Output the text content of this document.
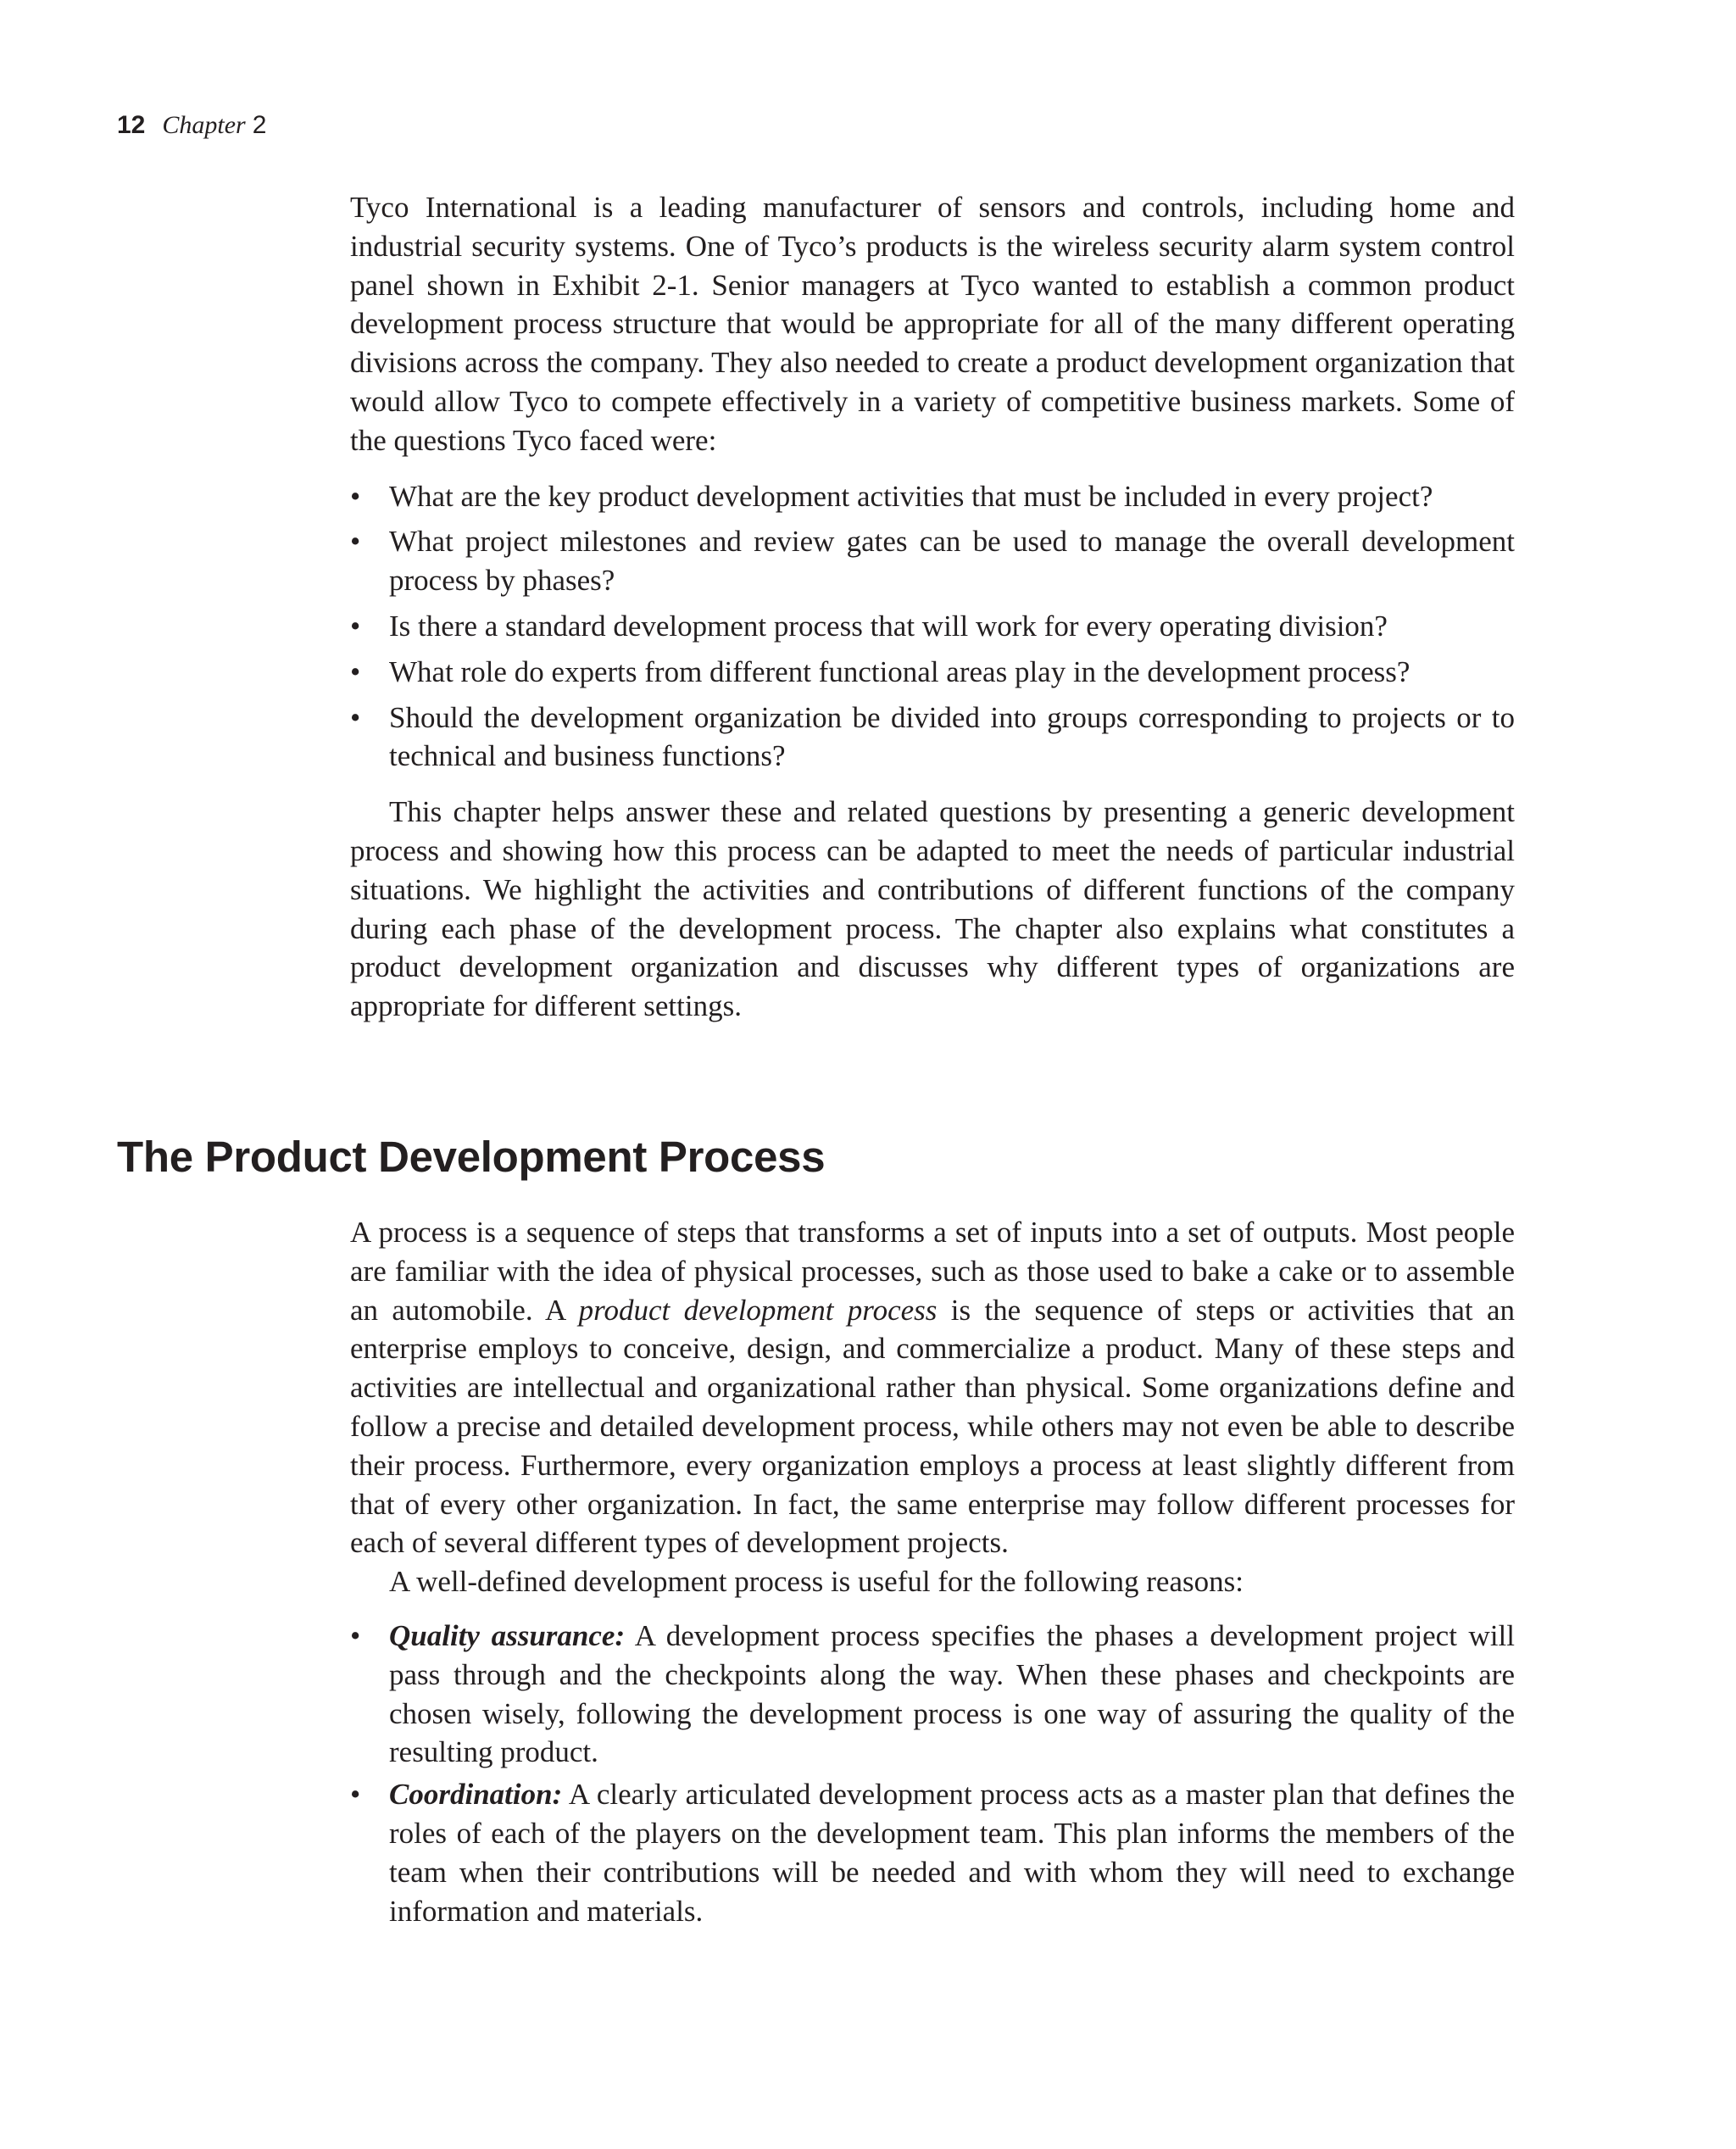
12 Chapter 2

Tyco International is a leading manufacturer of sensors and controls, including home and industrial security systems. One of Tyco’s products is the wireless security alarm system control panel shown in Exhibit 2-1. Senior managers at Tyco wanted to establish a common product development process structure that would be appropriate for all of the many different operating divisions across the company. They also needed to create a product development organization that would allow Tyco to compete effectively in a variety of competitive business markets. Some of the questions Tyco faced were:

• What are the key product development activities that must be included in every project?
• What project milestones and review gates can be used to manage the overall development process by phases?
• Is there a standard development process that will work for every operating division?
• What role do experts from different functional areas play in the development process?
• Should the development organization be divided into groups corresponding to projects or to technical and business functions?

This chapter helps answer these and related questions by presenting a generic development process and showing how this process can be adapted to meet the needs of particular industrial situations. We highlight the activities and contributions of different functions of the company during each phase of the development process. The chapter also explains what constitutes a product development organization and discusses why different types of organizations are appropriate for different settings.

The Product Development Process

A process is a sequence of steps that transforms a set of inputs into a set of outputs. Most people are familiar with the idea of physical processes, such as those used to bake a cake or to assemble an automobile. A product development process is the sequence of steps or activities that an enterprise employs to conceive, design, and commercialize a product. Many of these steps and activities are intellectual and organizational rather than physical. Some organizations define and follow a precise and detailed development process, while others may not even be able to describe their process. Furthermore, every organization employs a process at least slightly different from that of every other organization. In fact, the same enterprise may follow different processes for each of several different types of development projects.

A well-defined development process is useful for the following reasons:

• Quality assurance: A development process specifies the phases a development project will pass through and the checkpoints along the way. When these phases and checkpoints are chosen wisely, following the development process is one way of assuring the quality of the resulting product.
• Coordination: A clearly articulated development process acts as a master plan that defines the roles of each of the players on the development team. This plan informs the members of the team when their contributions will be needed and with whom they will need to exchange information and materials.
